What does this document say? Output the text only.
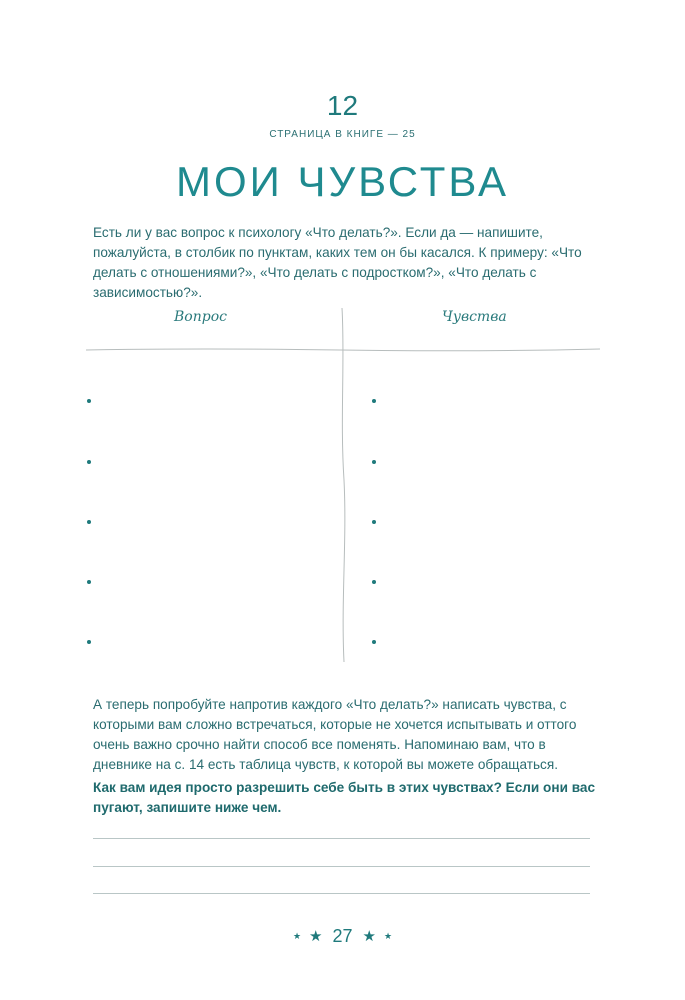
12
СТРАНИЦА В КНИГЕ — 25
МОИ ЧУВСТВА
Есть ли у вас вопрос к психологу «Что делать?». Если да — напишите, пожалуйста, в столбик по пунктам, каких тем он бы касался. К примеру: «Что делать с отношениями?», «Что делать с подростком?», «Что делать с зависимостью?».
Вопрос	Чувства
А теперь попробуйте напротив каждого «Что делать?» написать чувства, с которыми вам сложно встречаться, которые не хочется испытывать и оттого очень важно срочно найти способ все поменять. Напоминаю вам, что в дневнике на с. 14 есть таблица чувств, к которой вы можете обращаться.
Как вам идея просто разрешить себе быть в этих чувствах? Если они вас пугают, запишите ниже чем.
★ ★ 27 ★ ★
